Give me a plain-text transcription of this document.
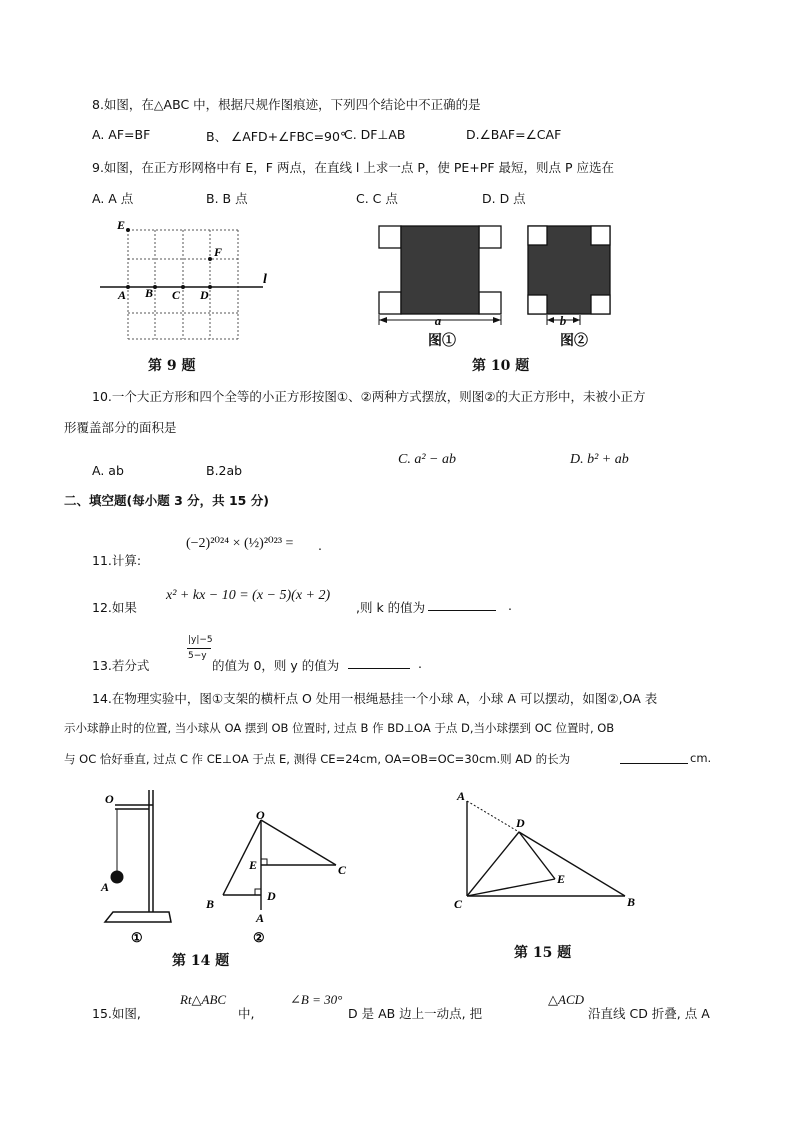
8.如图，在△ABC 中，根据尺规作图痕迹，下列四个结论中不正确的是
A. AF=BF	B、 ∠AFD+∠FBC=90°
C. DF⊥AB	D.∠BAF=∠CAF
9.如图，在正方形网格中有 E，F 两点，在直线 l 上求一点 P，使 PE+PF 最短，则点 P 应选在
A. A 点	B. B 点	C. C 点	D. D 点
E
F
l
A B C D
第 9 题
a	b
图①	图②
第 10 题
10.一个大正方形和四个全等的小正方形按图①、②两种方式摆放，则图②的大正方形中，未被小正方
形覆盖部分的面积是
A. ab	B.2ab
C. a² − ab	D. b² + ab
二、填空题(每小题 3 分，共 15 分)
11.计算:
(−2)²⁰²⁴ × (½)²⁰²³ = .
12.如果
x² + kx − 10 = (x − 5)(x + 2)
,则 k 的值为	.
13.若分式
|y|−5
5−y
的值为 0，则 y 的值为	.
14.在物理实验中，图①支架的横杆点 O 处用一根绳悬挂一个小球 A，小球 A 可以摆动，如图②,OA 表
示小球静止时的位置, 当小球从 OA 摆到 OB 位置时, 过点 B 作 BD⊥OA 于点 D,当小球摆到 OC 位置时, OB
与 OC 恰好垂直, 过点 C 作 CE⊥OA 于点 E, 测得 CE=24cm, OA=OB=OC=30cm.则 AD 的长为	cm.
O
A
①
O
E	C
B
D
A
②
第 14 题
A
D
E
C	B
第 15 题
15.如图,
Rt△ABC
中,
∠B = 30°
D 是 AB 边上一动点, 把
△ACD
沿直线 CD 折叠, 点 A
